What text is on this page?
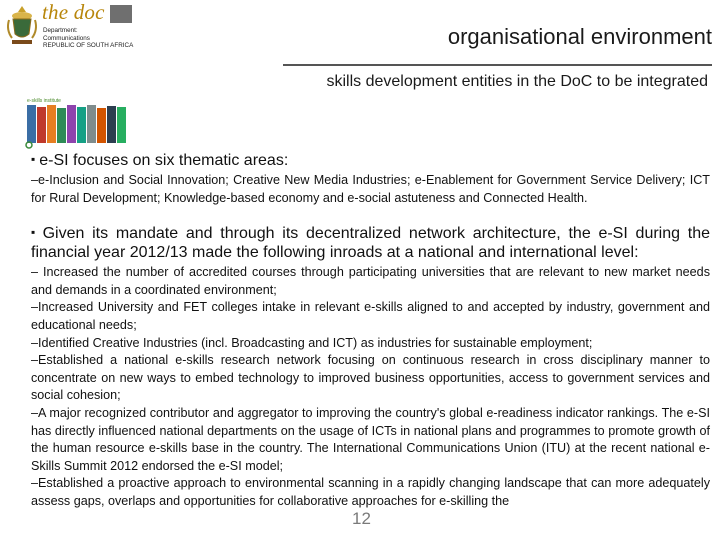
the doc
Department:
Communications
REPUBLIC OF SOUTH AFRICA	organisational environment
skills development entities in the DoC to be integrated
e-skills institute

▪ e-SI focuses on six thematic areas:

–e-Inclusion and Social Innovation; Creative New Media Industries; e-Enablement for Government Service Delivery; ICT for Rural Development; Knowledge-based economy and e-social astuteness and Connected Health.

▪ Given its mandate and through its decentralized network architecture, the e-SI during the financial year 2012/13 made the following inroads at a national and international level:

– Increased the number of accredited courses through participating universities that are relevant to new market needs and demands in a coordinated environment;

–Increased University and FET colleges intake in relevant e-skills aligned to and accepted by industry, government and educational needs;

–Identified Creative Industries (incl. Broadcasting and ICT) as industries for sustainable employment;

–Established a national e-skills research network focusing on continuous research in cross disciplinary manner to concentrate on new ways to embed technology to improved business opportunities, access to government services and social cohesion;

–A major recognized contributor and aggregator to improving the country's global e-readiness indicator rankings. The e-SI has directly influenced national departments on the usage of ICTs in national plans and programmes to promote growth of the human resource e-skills base in the country. The International Communications Union (ITU) at the recent national e-Skills Summit 2012 endorsed the e-SI model;

–Established a proactive approach to environmental scanning in a rapidly changing landscape that can more adequately assess gaps, overlaps and opportunities for collaborative approaches for e-skilling the

12
